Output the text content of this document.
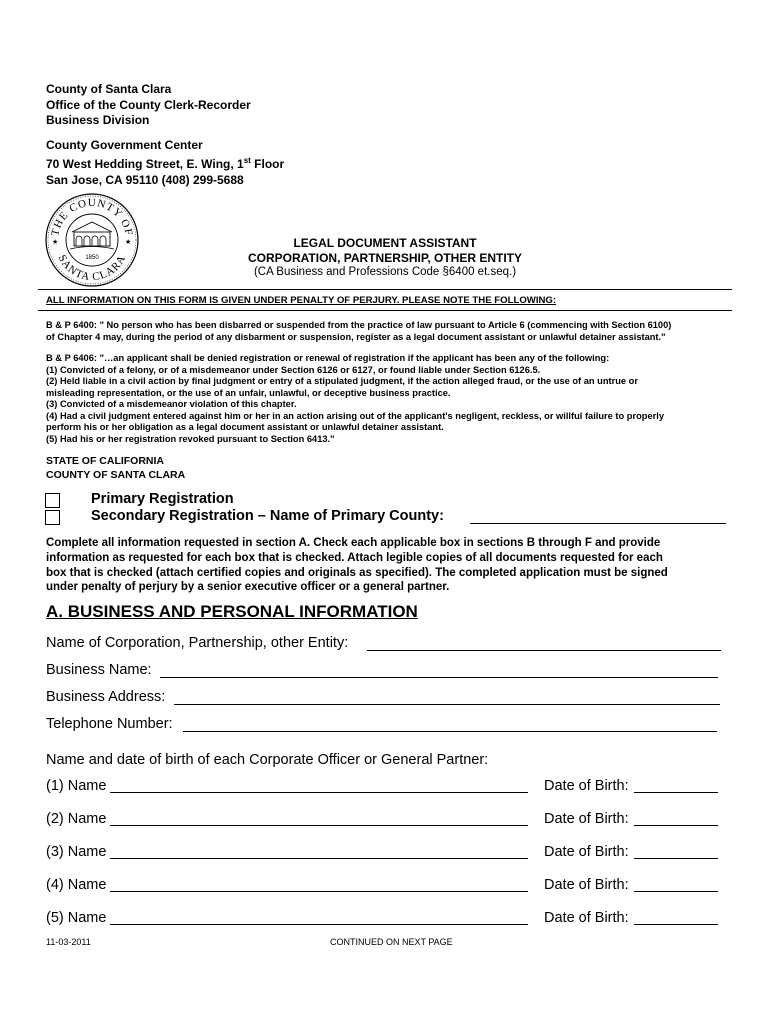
County of Santa Clara
Office of the County Clerk-Recorder
Business Division
County Government Center
70 West Hedding Street, E. Wing, 1st Floor
San Jose, CA 95110 (408) 299-5688
THE COUNTY OF
SANTA CLARA
★	★
1850
LEGAL DOCUMENT ASSISTANT
CORPORATION, PARTNERSHIP, OTHER ENTITY
(CA Business and Professions Code §6400 et.seq.)
ALL INFORMATION ON THIS FORM IS GIVEN UNDER PENALTY OF PERJURY. PLEASE NOTE THE FOLLOWING:
B & P 6400: " No person who has been disbarred or suspended from the practice of law pursuant to Article 6 (commencing with Section 6100)
of Chapter 4 may, during the period of any disbarment or suspension, register as a legal document assistant or unlawful detainer assistant."
B & P 6406: "…an applicant shall be denied registration or renewal of registration if the applicant has been any of the following:
(1) Convicted of a felony, or of a misdemeanor under Section 6126 or 6127, or found liable under Section 6126.5.
(2) Held liable in a civil action by final judgment or entry of a stipulated judgment, if the action alleged fraud, or the use of an untrue or
misleading representation, or the use of an unfair, unlawful, or deceptive business practice.
(3) Convicted of a misdemeanor violation of this chapter.
(4) Had a civil judgment entered against him or her in an action arising out of the applicant's negligent, reckless, or willful failure to properly
perform his or her obligation as a legal document assistant or unlawful detainer assistant.
(5) Had his or her registration revoked pursuant to Section 6413."
STATE OF CALIFORNIA
COUNTY OF SANTA CLARA
Primary Registration
Secondary Registration – Name of Primary County:
Complete all information requested in section A. Check each applicable box in sections B through F and provide
information as requested for each box that is checked. Attach legible copies of all documents requested for each
box that is checked (attach certified copies and originals as specified). The completed application must be signed
under penalty of perjury by a senior executive officer or a general partner.
A. BUSINESS AND PERSONAL INFORMATION
Name of Corporation, Partnership, other Entity:
Business Name:
Business Address:
Telephone Number:
Name and date of birth of each Corporate Officer or General Partner:
(1) Name	Date of Birth:
(2) Name	Date of Birth:
(3) Name	Date of Birth:
(4) Name	Date of Birth:
(5) Name	Date of Birth:
11-03-2011	CONTINUED ON NEXT PAGE
